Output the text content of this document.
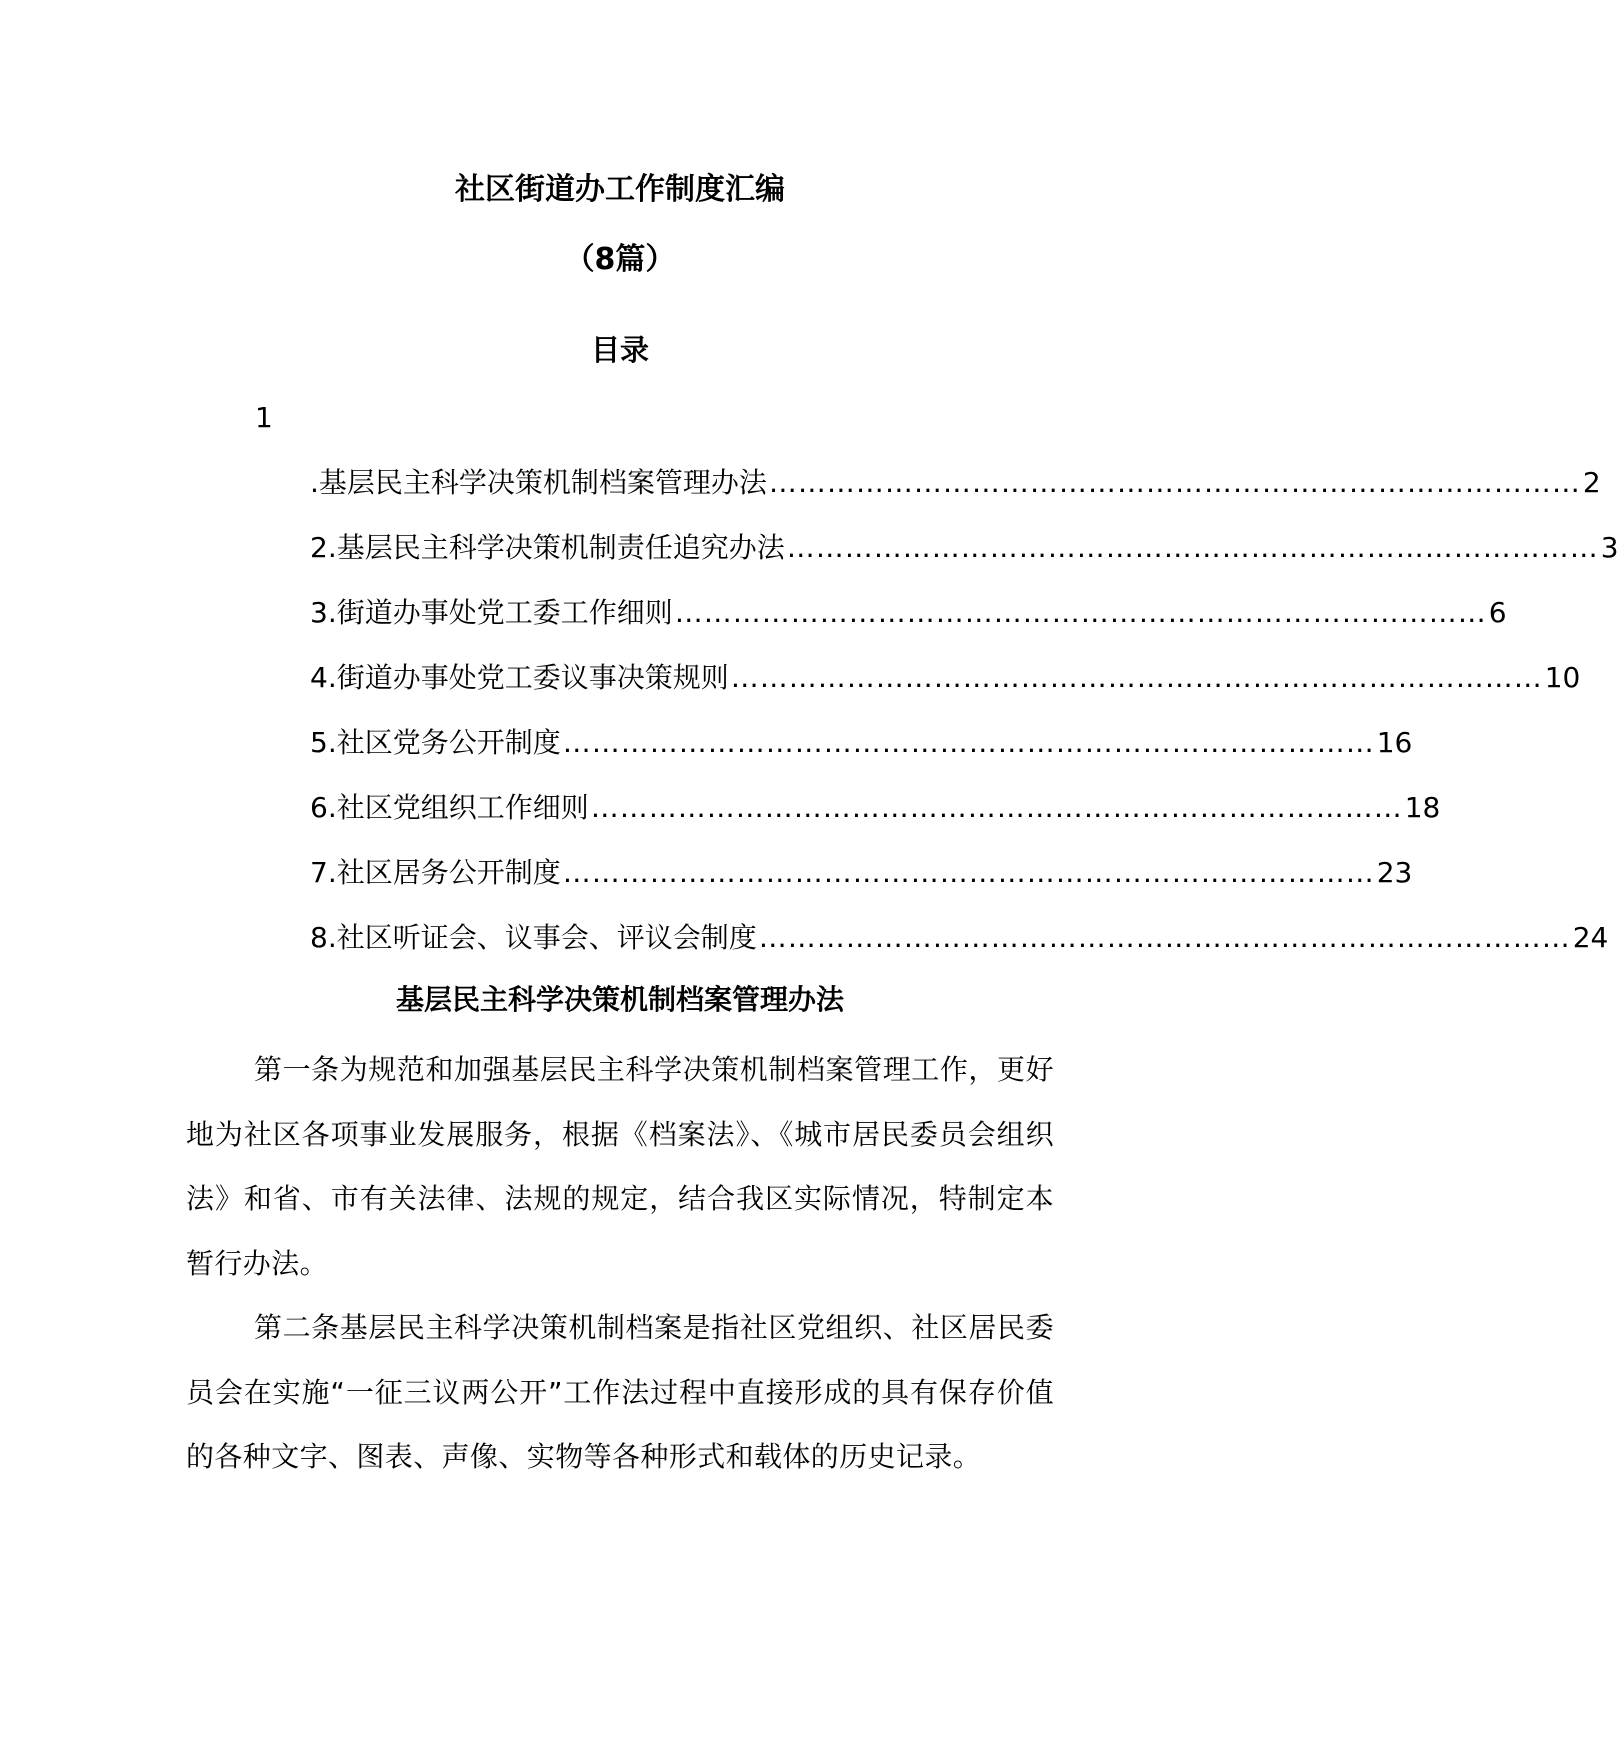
社区街道办工作制度汇编
（8篇）
目录
1
.基层民主科学决策机制档案管理办法 ………………………………………………………………………… 2
2.基层民主科学决策机制责任追究办法 ………………………………………………………………………… 3
3.街道办事处党工委工作细则 ………………………………………………………………………… 6
4.街道办事处党工委议事决策规则 ………………………………………………………………………… 10
5.社区党务公开制度 ………………………………………………………………………… 16
6.社区党组织工作细则 ………………………………………………………………………… 18
7.社区居务公开制度 ………………………………………………………………………… 23
8.社区听证会、议事会、评议会制度 ………………………………………………………………………… 24
基层民主科学决策机制档案管理办法

第一条为规范和加强基层民主科学决策机制档案管理工作，更好地为社区各项事业发展服务，根据《档案法》、《城市居民委员会组织法》和省、市有关法律、法规的规定，结合我区实际情况，特制定本暂行办法。

第二条基层民主科学决策机制档案是指社区党组织、社区居民委员会在实施“一征三议两公开”工作法过程中直接形成的具有保存价值的各种文字、图表、声像、实物等各种形式和载体的历史记录。
